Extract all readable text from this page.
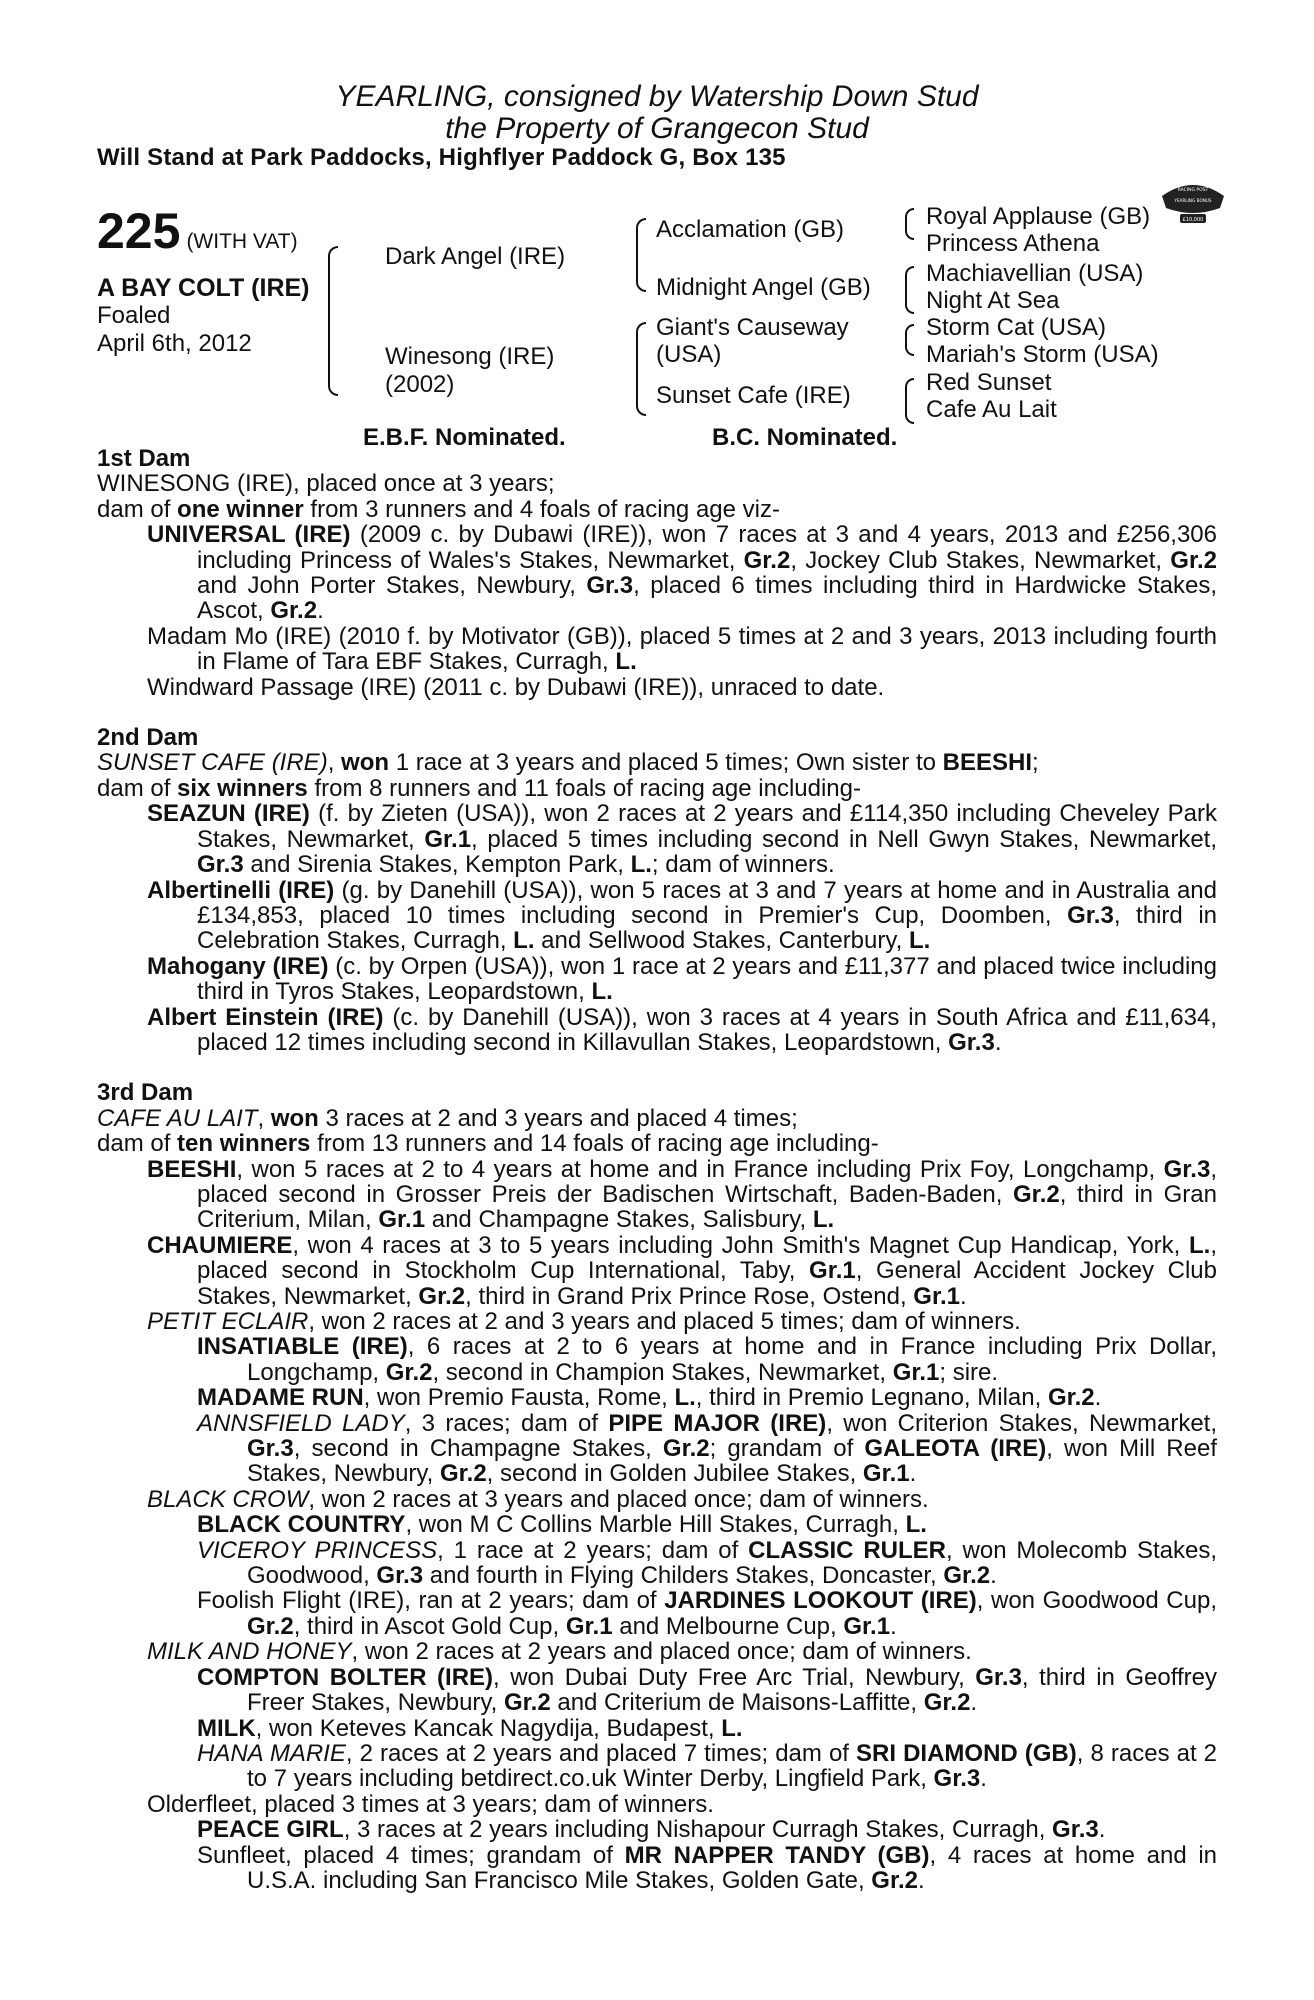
YEARLING, consigned by Watership Down Stud
the Property of Grangecon Stud
Will Stand at Park Paddocks, Highflyer Paddock G, Box 135
RACING POST
YEARLING BONUS
£10,000
225 (WITH VAT)
A BAY COLT (IRE)
Foaled
April 6th, 2012
Dark Angel (IRE)
Winesong (IRE)
(2002)
Acclamation (GB)
Midnight Angel (GB)
Giant's Causeway
(USA)
Sunset Cafe (IRE)
Royal Applause (GB)
Princess Athena
Machiavellian (USA)
Night At Sea
Storm Cat (USA)
Mariah's Storm (USA)
Red Sunset
Cafe Au Lait
E.B.F. Nominated.	B.C. Nominated.

1st Dam

WINESONG (IRE), placed once at 3 years;

dam of one winner from 3 runners and 4 foals of racing age viz-

UNIVERSAL (IRE) (2009 c. by Dubawi (IRE)), won 7 races at 3 and 4 years, 2013 and £256,306 including Princess of Wales's Stakes, Newmarket, Gr.2, Jockey Club Stakes, Newmarket, Gr.2 and John Porter Stakes, Newbury, Gr.3, placed 6 times including third in Hardwicke Stakes, Ascot, Gr.2.

Madam Mo (IRE) (2010 f. by Motivator (GB)), placed 5 times at 2 and 3 years, 2013 including fourth in Flame of Tara EBF Stakes, Curragh, L.

Windward Passage (IRE) (2011 c. by Dubawi (IRE)), unraced to date.

2nd Dam

SUNSET CAFE (IRE), won 1 race at 3 years and placed 5 times; Own sister to BEESHI;

dam of six winners from 8 runners and 11 foals of racing age including-

SEAZUN (IRE) (f. by Zieten (USA)), won 2 races at 2 years and £114,350 including Cheveley Park Stakes, Newmarket, Gr.1, placed 5 times including second in Nell Gwyn Stakes, Newmarket, Gr.3 and Sirenia Stakes, Kempton Park, L.; dam of winners.

Albertinelli (IRE) (g. by Danehill (USA)), won 5 races at 3 and 7 years at home and in Australia and £134,853, placed 10 times including second in Premier's Cup, Doomben, Gr.3, third in Celebration Stakes, Curragh, L. and Sellwood Stakes, Canterbury, L.

Mahogany (IRE) (c. by Orpen (USA)), won 1 race at 2 years and £11,377 and placed twice including third in Tyros Stakes, Leopardstown, L.

Albert Einstein (IRE) (c. by Danehill (USA)), won 3 races at 4 years in South Africa and £11,634, placed 12 times including second in Killavullan Stakes, Leopardstown, Gr.3.

3rd Dam

CAFE AU LAIT, won 3 races at 2 and 3 years and placed 4 times;

dam of ten winners from 13 runners and 14 foals of racing age including-

BEESHI, won 5 races at 2 to 4 years at home and in France including Prix Foy, Longchamp, Gr.3, placed second in Grosser Preis der Badischen Wirtschaft, Baden-Baden, Gr.2, third in Gran Criterium, Milan, Gr.1 and Champagne Stakes, Salisbury, L.

CHAUMIERE, won 4 races at 3 to 5 years including John Smith's Magnet Cup Handicap, York, L., placed second in Stockholm Cup International, Taby, Gr.1, General Accident Jockey Club Stakes, Newmarket, Gr.2, third in Grand Prix Prince Rose, Ostend, Gr.1.

PETIT ECLAIR, won 2 races at 2 and 3 years and placed 5 times; dam of winners.

INSATIABLE (IRE), 6 races at 2 to 6 years at home and in France including Prix Dollar, Longchamp, Gr.2, second in Champion Stakes, Newmarket, Gr.1; sire.

MADAME RUN, won Premio Fausta, Rome, L., third in Premio Legnano, Milan, Gr.2.

ANNSFIELD LADY, 3 races; dam of PIPE MAJOR (IRE), won Criterion Stakes, Newmarket, Gr.3, second in Champagne Stakes, Gr.2; grandam of GALEOTA (IRE), won Mill Reef Stakes, Newbury, Gr.2, second in Golden Jubilee Stakes, Gr.1.

BLACK CROW, won 2 races at 3 years and placed once; dam of winners.

BLACK COUNTRY, won M C Collins Marble Hill Stakes, Curragh, L.

VICEROY PRINCESS, 1 race at 2 years; dam of CLASSIC RULER, won Molecomb Stakes, Goodwood, Gr.3 and fourth in Flying Childers Stakes, Doncaster, Gr.2.

Foolish Flight (IRE), ran at 2 years; dam of JARDINES LOOKOUT (IRE), won Goodwood Cup, Gr.2, third in Ascot Gold Cup, Gr.1 and Melbourne Cup, Gr.1.

MILK AND HONEY, won 2 races at 2 years and placed once; dam of winners.

COMPTON BOLTER (IRE), won Dubai Duty Free Arc Trial, Newbury, Gr.3, third in Geoffrey Freer Stakes, Newbury, Gr.2 and Criterium de Maisons-Laffitte, Gr.2.

MILK, won Keteves Kancak Nagydija, Budapest, L.

HANA MARIE, 2 races at 2 years and placed 7 times; dam of SRI DIAMOND (GB), 8 races at 2 to 7 years including betdirect.co.uk Winter Derby, Lingfield Park, Gr.3.

Olderfleet, placed 3 times at 3 years; dam of winners.

PEACE GIRL, 3 races at 2 years including Nishapour Curragh Stakes, Curragh, Gr.3.

Sunfleet, placed 4 times; grandam of MR NAPPER TANDY (GB), 4 races at home and in U.S.A. including San Francisco Mile Stakes, Golden Gate, Gr.2.
